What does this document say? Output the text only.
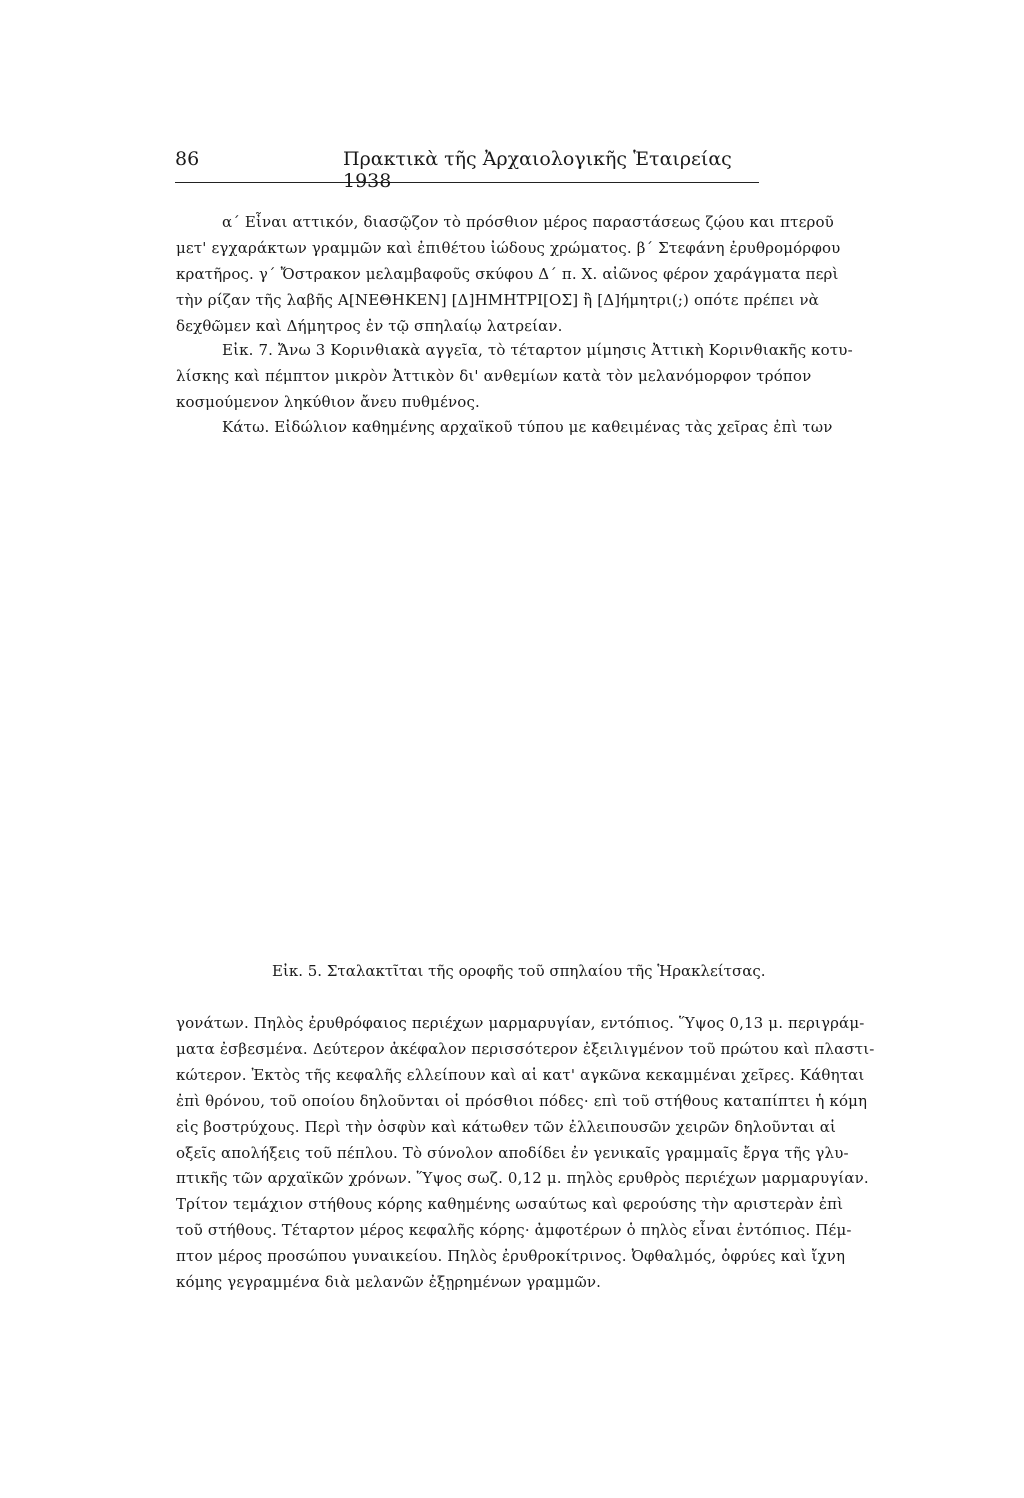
86	Πρακτικὰ τῆς Ἀρχαιολογικῆς Ἑταιρείας 1938
α΄ Εἶναι αττικόν, διασῷζον τὸ πρόσθιον μέρος παραστάσεως ζῴου και πτεροῦ
μετ' εγχαράκτων γραμμῶν καὶ ἐπιθέτου ἰώδους χρώματος. β΄ Στεφάνη ἐρυθρομόρφου
κρατῆρος. γ΄ Ὄστρακον μελαμβαφοῦς σκύφου Δ΄ π. Χ. αἰῶνος φέρον χαράγματα περὶ
τὴν ρίζαν τῆς λαβῆς Α[ΝΕΘΗΚΕΝ] [Δ]ΗΜΗΤΡΙ[ΟΣ] ἢ [Δ]ήμητρι(;) οπότε πρέπει νὰ
δεχθῶμεν καὶ Δήμητρος ἐν τῷ σπηλαίῳ λατρείαν.
Εἰκ. 7. Ἄνω 3 Κορινθιακὰ αγγεῖα, τὸ τέταρτον μίμησις Ἀττικὴ Κορινθιακῆς κοτυ-
λίσκης καὶ πέμπτον μικρὸν Ἀττικὸν δι' ανθεμίων κατὰ τὸν μελανόμορφον τρόπον
κοσμούμενον ληκύθιον ἄνευ πυθμένος.
Κάτω. Εἰδώλιον καθημένης αρχαϊκοῦ τύπου με καθειμένας τὰς χεῖρας ἐπὶ των
Εἰκ. 5. Σταλακτῖται τῆς οροφῆς τοῦ σπηλαίου τῆς Ἡρακλείτσας.
γονάτων. Πηλὸς ἐρυθρόφαιος περιέχων μαρμαρυγίαν, εντόπιος. Ὕψος 0,13 μ. περιγράμ-
ματα ἐσβεσμένα. Δεύτερον ἀκέφαλον περισσότερον ἐξειλιγμένον τοῦ πρώτου καὶ πλαστι-
κώτερον. Ἐκτὸς τῆς κεφαλῆς ελλείπουν καὶ αἱ κατ' αγκῶνα κεκαμμέναι χεῖρες. Κάθηται
ἐπὶ θρόνου, τοῦ οποίου δηλοῦνται οἱ πρόσθιοι πόδες· επὶ τοῦ στήθους καταπίπτει ἡ κόμη
εἰς βοστρύχους. Περὶ τὴν ὀσφὺν καὶ κάτωθεν τῶν ἐλλειπουσῶν χειρῶν δηλοῦνται αἱ
οξεῖς απολήξεις τοῦ πέπλου. Τὸ σύνολον αποδίδει ἐν γενικαῖς γραμμαῖς ἔργα τῆς γλυ-
πτικῆς τῶν αρχαϊκῶν χρόνων. Ὕψος σωζ. 0,12 μ. πηλὸς ερυθρὸς περιέχων μαρμαρυγίαν.
Τρίτον τεμάχιον στήθους κόρης καθημένης ωσαύτως καὶ φερούσης τὴν αριστερὰν ἐπὶ
τοῦ στήθους. Τέταρτον μέρος κεφαλῆς κόρης· ἀμφοτέρων ὁ πηλὸς εἶναι ἐντόπιος. Πέμ-
πτον μέρος προσώπου γυναικείου. Πηλὸς ἐρυθροκίτρινος. Ὀφθαλμός, ὀφρύες καὶ ἴχνη
κόμης γεγραμμένα διὰ μελανῶν ἐξῃρημένων γραμμῶν.
